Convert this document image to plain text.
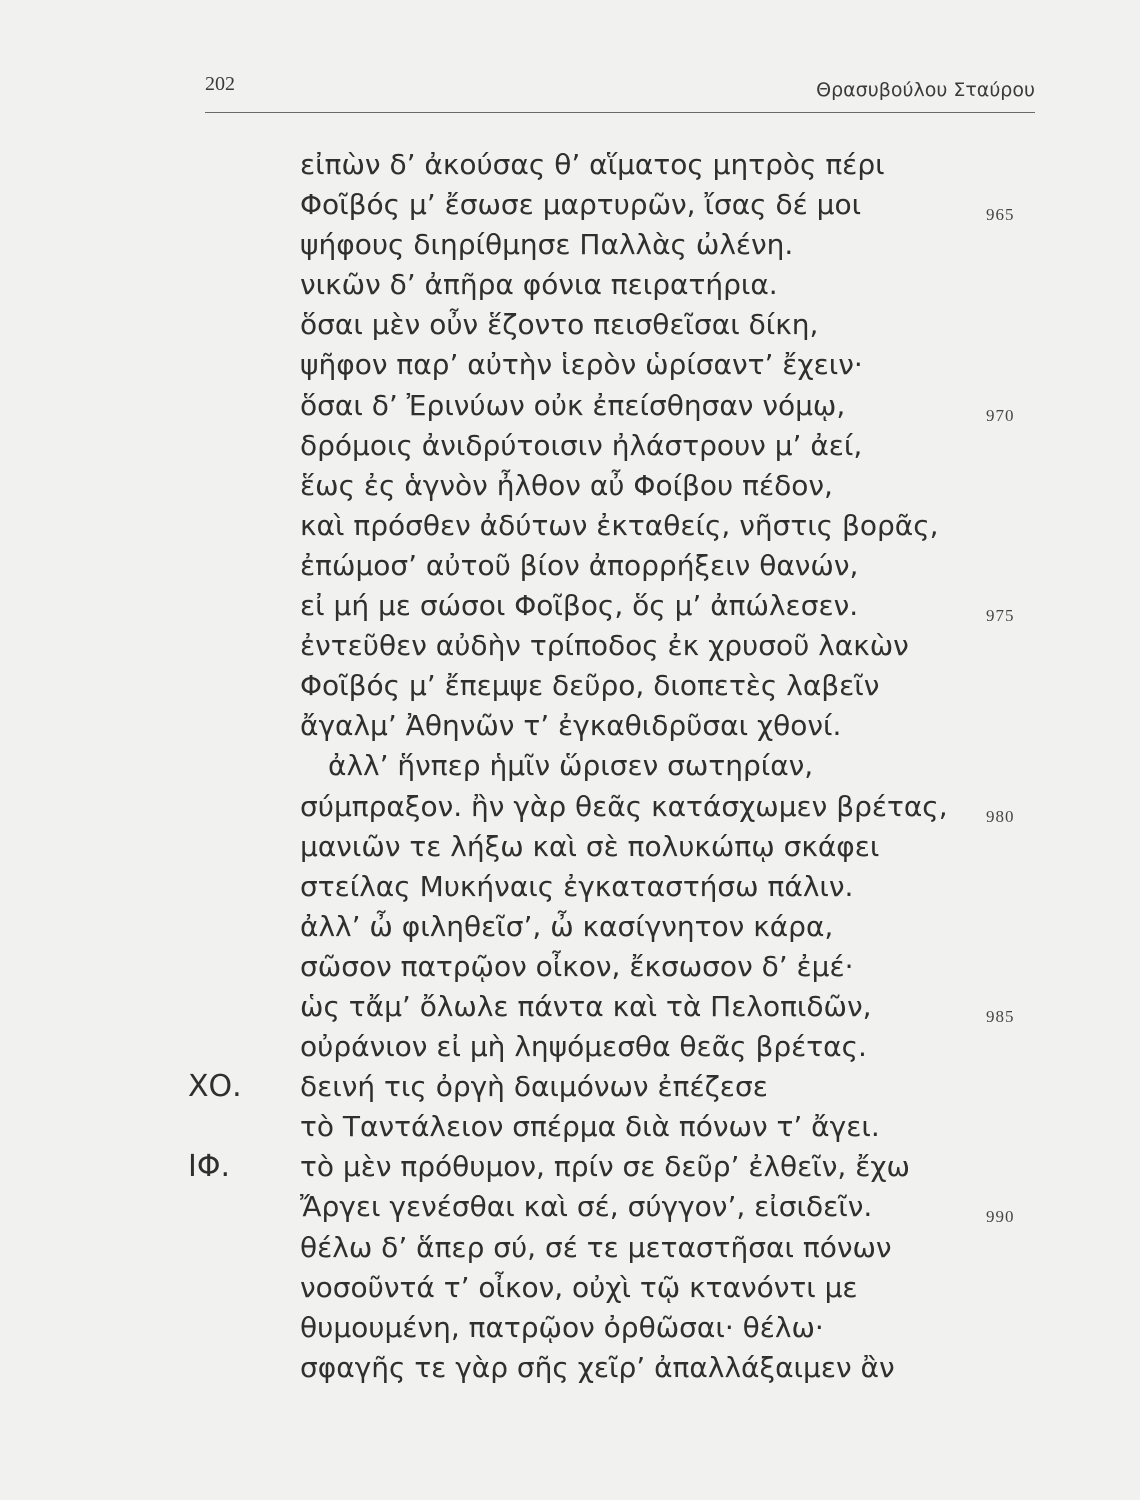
202	Θρασυβούλου Σταύρου
εἰπὼν δ’ ἀκούσας θ’ αἵματος μητρὸς πέρι
Φοῖβός μ’ ἔσωσε μαρτυρῶν, ἴσας δέ μοι	965
ψήφους διηρίθμησε Παλλὰς ὠλένη.
νικῶν δ’ ἀπῆρα φόνια πειρατήρια.
ὅσαι μὲν οὖν ἕζοντο πεισθεῖσαι δίκη,
ψῆφον παρ’ αὐτὴν ἱερὸν ὡρίσαντ’ ἔχειν·
ὅσαι δ’ Ἐρινύων οὐκ ἐπείσθησαν νόμῳ,	970
δρόμοις ἀνιδρύτοισιν ἠλάστρουν μ’ ἀεί,
ἕως ἐς ἁγνὸν ἦλθον αὖ Φοίβου πέδον,
καὶ πρόσθεν ἀδύτων ἐκταθείς, νῆστις βορᾶς,
ἐπώμοσ’ αὐτοῦ βίον ἀπορρήξειν θανών,
εἰ μή με σώσοι Φοῖβος, ὅς μ’ ἀπώλεσεν.	975
ἐντεῦθεν αὐδὴν τρίποδος ἐκ χρυσοῦ λακὼν
Φοῖβός μ’ ἔπεμψε δεῦρο, διοπετὲς λαβεῖν
ἄγαλμ’ Ἀθηνῶν τ’ ἐγκαθιδρῦσαι χθονί.
ἀλλ’ ἥνπερ ἡμῖν ὥρισεν σωτηρίαν,
σύμπραξον. ἢν γὰρ θεᾶς κατάσχωμεν βρέτας, 980
μανιῶν τε λήξω καὶ σὲ πολυκώπῳ σκάφει
στείλας Μυκήναις ἐγκαταστήσω πάλιν.
ἀλλ’ ὦ φιληθεῖσ’, ὦ κασίγνητον κάρα,
σῶσον πατρῷον οἶκον, ἔκσωσον δ’ ἐμέ·
ὡς τἄμ’ ὄλωλε πάντα καὶ τὰ Πελοπιδῶν,	985
οὐράνιον εἰ μὴ ληψόμεσθα θεᾶς βρέτας.
ΧΟ. δεινή τις ὀργὴ δαιμόνων ἐπέζεσε
τὸ Ταντάλειον σπέρμα διὰ πόνων τ’ ἄγει.
ΙΦ.	τὸ μὲν πρόθυμον, πρίν σε δεῦρ’ ἐλθεῖν, ἔχω
Ἄργει γενέσθαι καὶ σέ, σύγγον’, εἰσιδεῖν.	990
θέλω δ’ ἅπερ σύ, σέ τε μεταστῆσαι πόνων
νοσοῦντά τ’ οἶκον, οὐχὶ τῷ κτανόντι με
θυμουμένη, πατρῷον ὀρθῶσαι· θέλω·
σφαγῆς τε γὰρ σῆς χεῖρ’ ἀπαλλάξαιμεν ἂν
